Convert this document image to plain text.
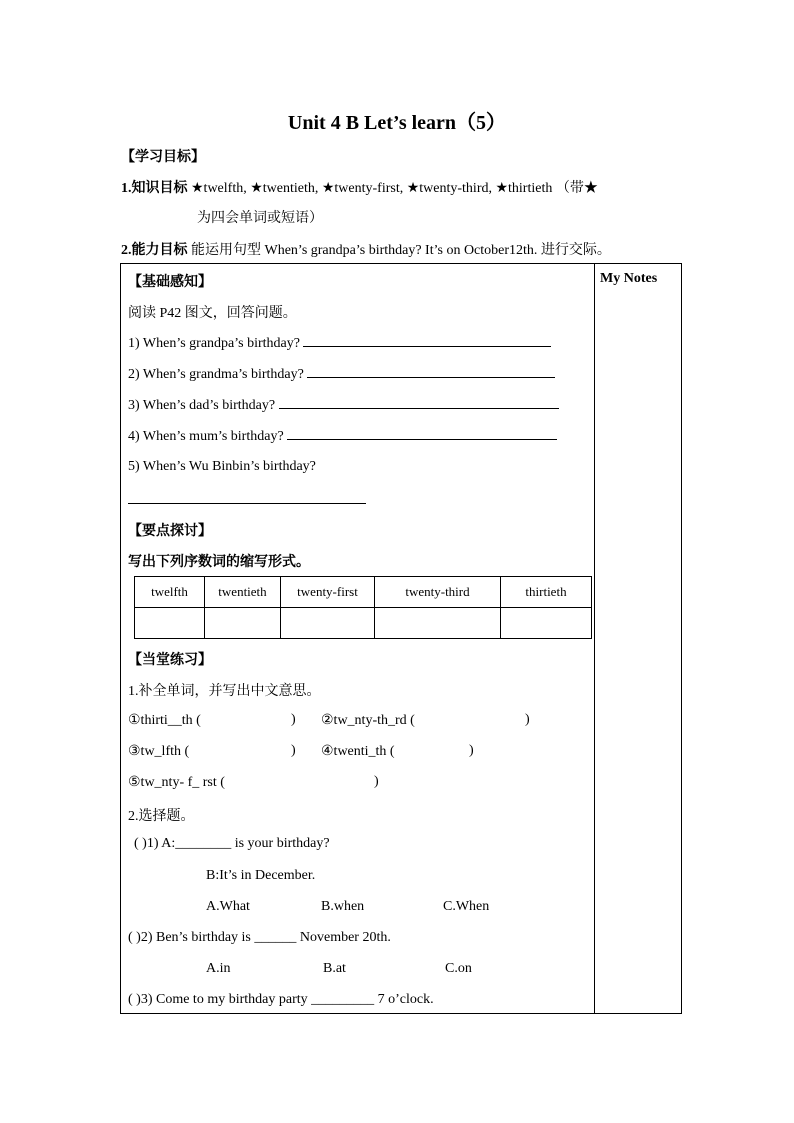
Unit 4 B Let’s learn（5）
【学习目标】
1.知识目标 ★twelfth, ★twentieth, ★twenty-first, ★twenty-third, ★thirtieth （带★
为四会单词或短语）
2.能力目标 能运用句型 When’s grandpa’s birthday? It’s on October12th. 进行交际。
My Notes
【基础感知】
阅读 P42 图文，回答问题。
1) When’s grandpa’s birthday?
2) When’s grandma’s birthday?
3) When’s dad’s birthday?
4) When’s mum’s birthday?
5) When’s Wu Binbin’s birthday?
【要点探讨】
写出下列序数词的缩写形式。
twelfth	twentieth	twenty-first	twenty-third	thirtieth

【当堂练习】
1.补全单词，并写出中文意思。
①thirti__th (	) ②tw_nty-th_rd (	)
③tw_lfth (	) ④twenti_th (	)
⑤tw_nty- f_ rst (	)
2.选择题。
( )1) A:________ is your birthday?
B:It’s in December.
A.What	B.when	C.When
( )2) Ben’s birthday is ______ November 20th.
A.in	B.at	C.on
( )3) Come to my birthday party _________ 7 o’clock.
